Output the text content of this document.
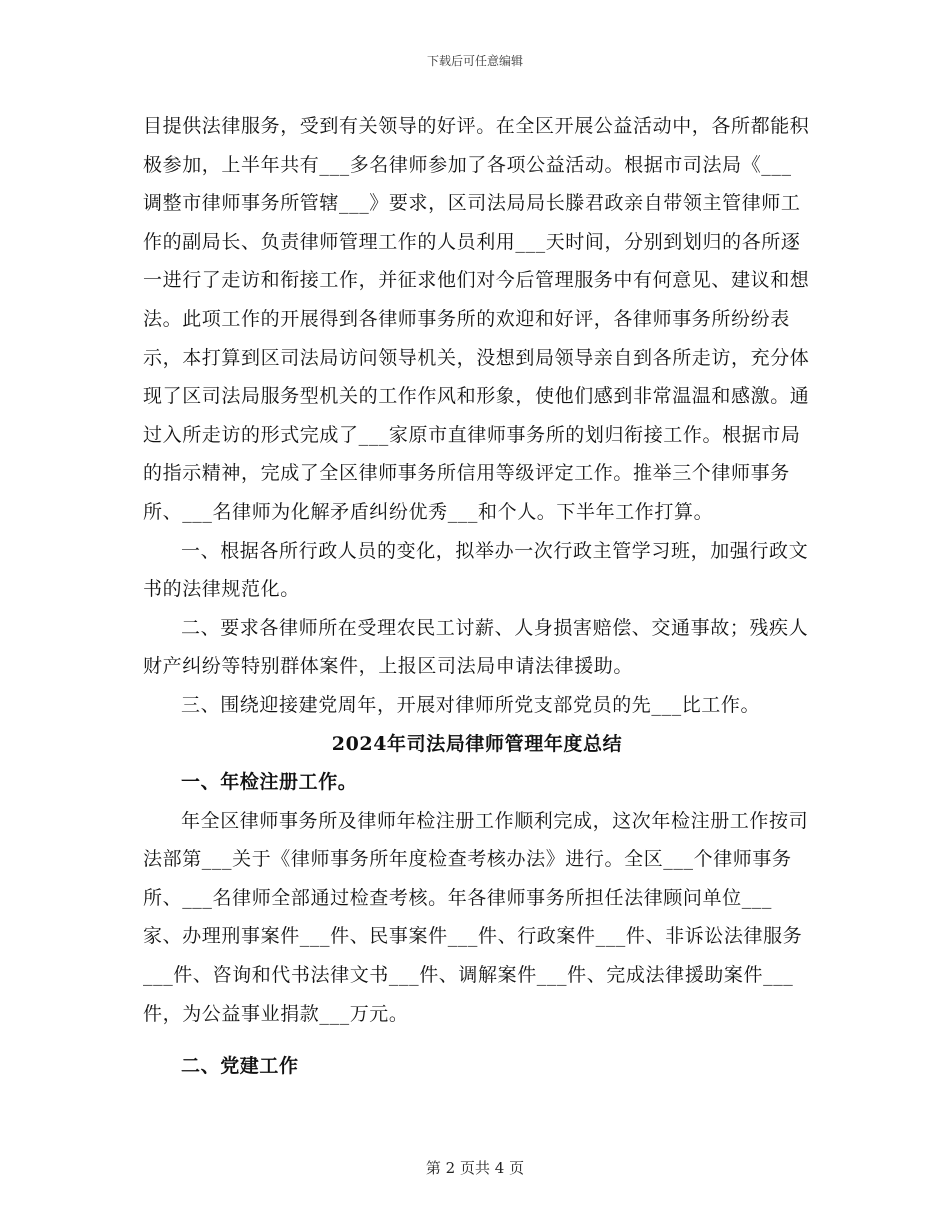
下载后可任意编辑

目提供法律服务，受到有关领导的好评。在全区开展公益活动中，各所都能积极参加，上半年共有___多名律师参加了各项公益活动。根据市司法局《___调整市律师事务所管辖___》要求，区司法局局长滕君政亲自带领主管律师工作的副局长、负责律师管理工作的人员利用___天时间，分别到划归的各所逐一进行了走访和衔接工作，并征求他们对今后管理服务中有何意见、建议和想法。此项工作的开展得到各律师事务所的欢迎和好评，各律师事务所纷纷表示，本打算到区司法局访问领导机关，没想到局领导亲自到各所走访，充分体现了区司法局服务型机关的工作作风和形象，使他们感到非常温温和感激。通过入所走访的形式完成了___家原市直律师事务所的划归衔接工作。根据市局的指示精神，完成了全区律师事务所信用等级评定工作。推举三个律师事务所、___名律师为化解矛盾纠纷优秀___和个人。下半年工作打算。

一、根据各所行政人员的变化，拟举办一次行政主管学习班，加强行政文书的法律规范化。

二、要求各律师所在受理农民工讨薪、人身损害赔偿、交通事故；残疾人财产纠纷等特别群体案件，上报区司法局申请法律援助。

三、围绕迎接建党周年，开展对律师所党支部党员的先___比工作。

2024年司法局律师管理年度总结

一、年检注册工作。

年全区律师事务所及律师年检注册工作顺利完成，这次年检注册工作按司法部第___关于《律师事务所年度检查考核办法》进行。全区___个律师事务所、___名律师全部通过检查考核。年各律师事务所担任法律顾问单位___家、办理刑事案件___件、民事案件___件、行政案件___件、非诉讼法律服务___件、咨询和代书法律文书___件、调解案件___件、完成法律援助案件___件，为公益事业捐款___万元。

二、党建工作

第 2 页共 4 页
